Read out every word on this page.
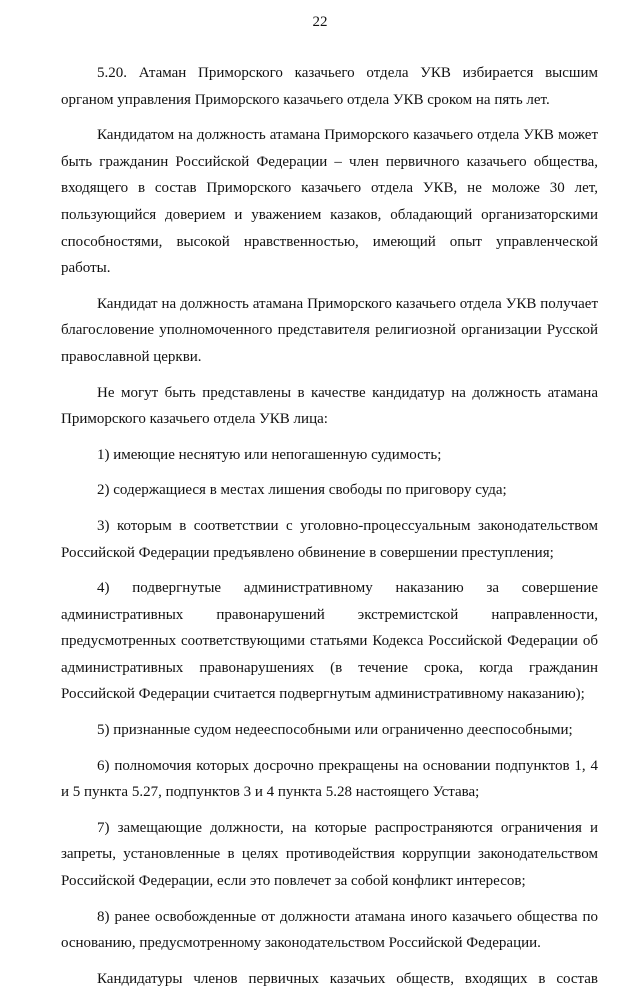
22

5.20. Атаман Приморского казачьего отдела УКВ избирается высшим органом управления Приморского казачьего отдела УКВ сроком на пять лет.

Кандидатом на должность атамана Приморского казачьего отдела УКВ может быть гражданин Российской Федерации – член первичного казачьего общества, входящего в состав Приморского казачьего отдела УКВ, не моложе 30 лет, пользующийся доверием и уважением казаков, обладающий организаторскими способностями, высокой нравственностью, имеющий опыт управленческой работы.

Кандидат на должность атамана Приморского казачьего отдела УКВ получает благословение уполномоченного представителя религиозной организации Русской православной церкви.

Не могут быть представлены в качестве кандидатур на должность атамана Приморского казачьего отдела УКВ лица:

1) имеющие неснятую или непогашенную судимость;

2) содержащиеся в местах лишения свободы по приговору суда;

3) которым в соответствии с уголовно-процессуальным законодательством Российской Федерации предъявлено обвинение в совершении преступления;

4) подвергнутые административному наказанию за совершение административных правонарушений экстремистской направленности, предусмотренных соответствующими статьями Кодекса Российской Федерации об административных правонарушениях (в течение срока, когда гражданин Российской Федерации считается подвергнутым административному наказанию);

5) признанные судом недееспособными или ограниченно дееспособными;

6) полномочия которых досрочно прекращены на основании подпунктов 1, 4 и 5 пункта 5.27, подпунктов 3 и 4 пункта 5.28 настоящего Устава;

7) замещающие должности, на которые распространяются ограничения и запреты, установленные в целях противодействия коррупции законодательством Российской Федерации, если это повлечет за собой конфликт интересов;

8) ранее освобожденные от должности атамана иного казачьего общества по основанию, предусмотренному законодательством Российской Федерации.

Кандидатуры членов первичных казачьих обществ, входящих в состав
